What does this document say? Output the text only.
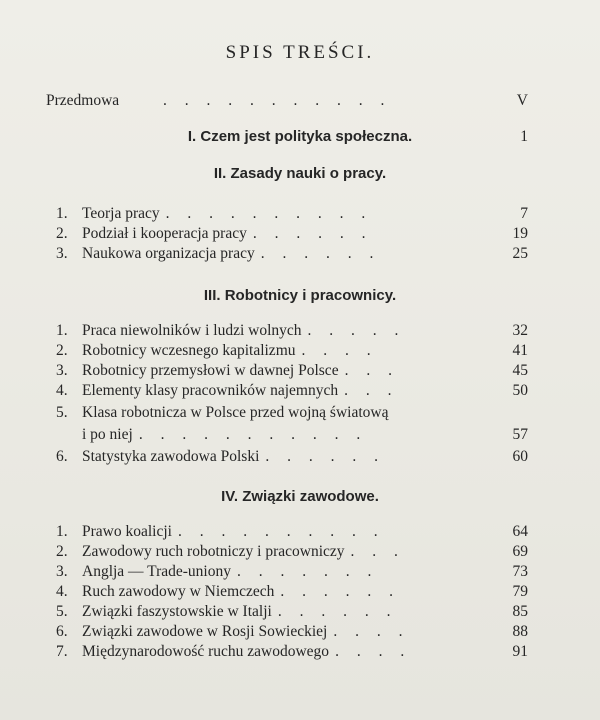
SPIS TREŚCI.
Przedmowa	. . . . . . . . . . .	V
I. Czem jest polityka społeczna.	1
II. Zasady nauki o pracy.
1. Teorja pracy . . . . . . . . . .	7
2. Podział i kooperacja pracy . . . . . .	19
3. Naukowa organizacja pracy . . . . . .	25
III. Robotnicy i pracownicy.
1. Praca niewolników i ludzi wolnych . . . . .	32
2. Robotnicy wczesnego kapitalizmu . . . .	41
3. Robotnicy przemysłowi w dawnej Polsce . . .	45
4. Elementy klasy pracowników najemnych . . .	50
5. Klasa robotnicza w Polsce przed wojną światową
i po niej . . . . . . . . . . .	57
6. Statystyka zawodowa Polski . . . . . .	60
IV. Związki zawodowe.
1. Prawo koalicji . . . . . . . . . .	64
2. Zawodowy ruch robotniczy i pracowniczy . . .	69
3. Anglja — Trade-uniony . . . . . . .	73
4. Ruch zawodowy w Niemczech . . . . . .	79
5. Związki faszystowskie w Italji . . . . . .	85
6. Związki zawodowe w Rosji Sowieckiej . . . .	88
7. Międzynarodowość ruchu zawodowego . . . .	91
